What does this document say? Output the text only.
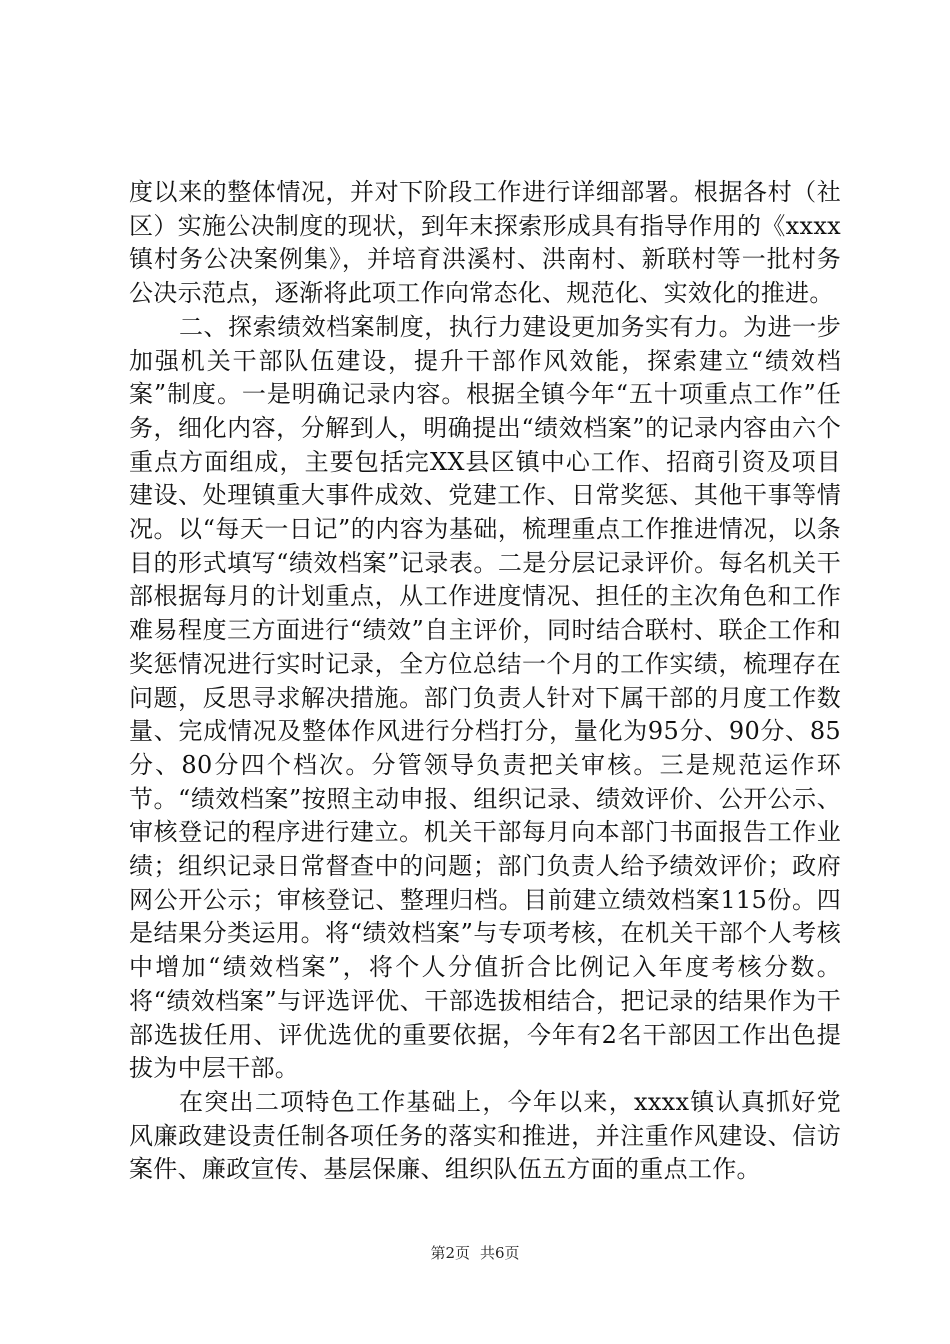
度以来的整体情况，并对下阶段工作进行详细部署。根据各村（社区）实施公决制度的现状，到年末探索形成具有指导作用的《xxxx镇村务公决案例集》，并培育洪溪村、洪南村、新联村等一批村务公决示范点，逐渐将此项工作向常态化、规范化、实效化的推进。

二、探索绩效档案制度，执行力建设更加务实有力。为进一步加强机关干部队伍建设，提升干部作风效能，探索建立“绩效档案”制度。一是明确记录内容。根据全镇今年“五十项重点工作”任务，细化内容，分解到人，明确提出“绩效档案”的记录内容由六个重点方面组成，主要包括完XX县区镇中心工作、招商引资及项目建设、处理镇重大事件成效、党建工作、日常奖惩、其他干事等情况。以“每天一日记”的内容为基础，梳理重点工作推进情况，以条目的形式填写“绩效档案”记录表。二是分层记录评价。每名机关干部根据每月的计划重点，从工作进度情况、担任的主次角色和工作难易程度三方面进行“绩效”自主评价，同时结合联村、联企工作和奖惩情况进行实时记录，全方位总结一个月的工作实绩，梳理存在问题，反思寻求解决措施。部门负责人针对下属干部的月度工作数量、完成情况及整体作风进行分档打分，量化为95分、90分、85分、80分四个档次。分管领导负责把关审核。三是规范运作环节。“绩效档案”按照主动申报、组织记录、绩效评价、公开公示、审核登记的程序进行建立。机关干部每月向本部门书面报告工作业绩；组织记录日常督查中的问题；部门负责人给予绩效评价；政府网公开公示；审核登记、整理归档。目前建立绩效档案115份。四是结果分类运用。将“绩效档案”与专项考核，在机关干部个人考核中增加“绩效档案”，将个人分值折合比例记入年度考核分数。将“绩效档案”与评选评优、干部选拔相结合，把记录的结果作为干部选拔任用、评优选优的重要依据，今年有2名干部因工作出色提拔为中层干部。

在突出二项特色工作基础上，今年以来，xxxx镇认真抓好党风廉政建设责任制各项任务的落实和推进，并注重作风建设、信访案件、廉政宣传、基层保廉、组织队伍五方面的重点工作。

第2页 共6页
